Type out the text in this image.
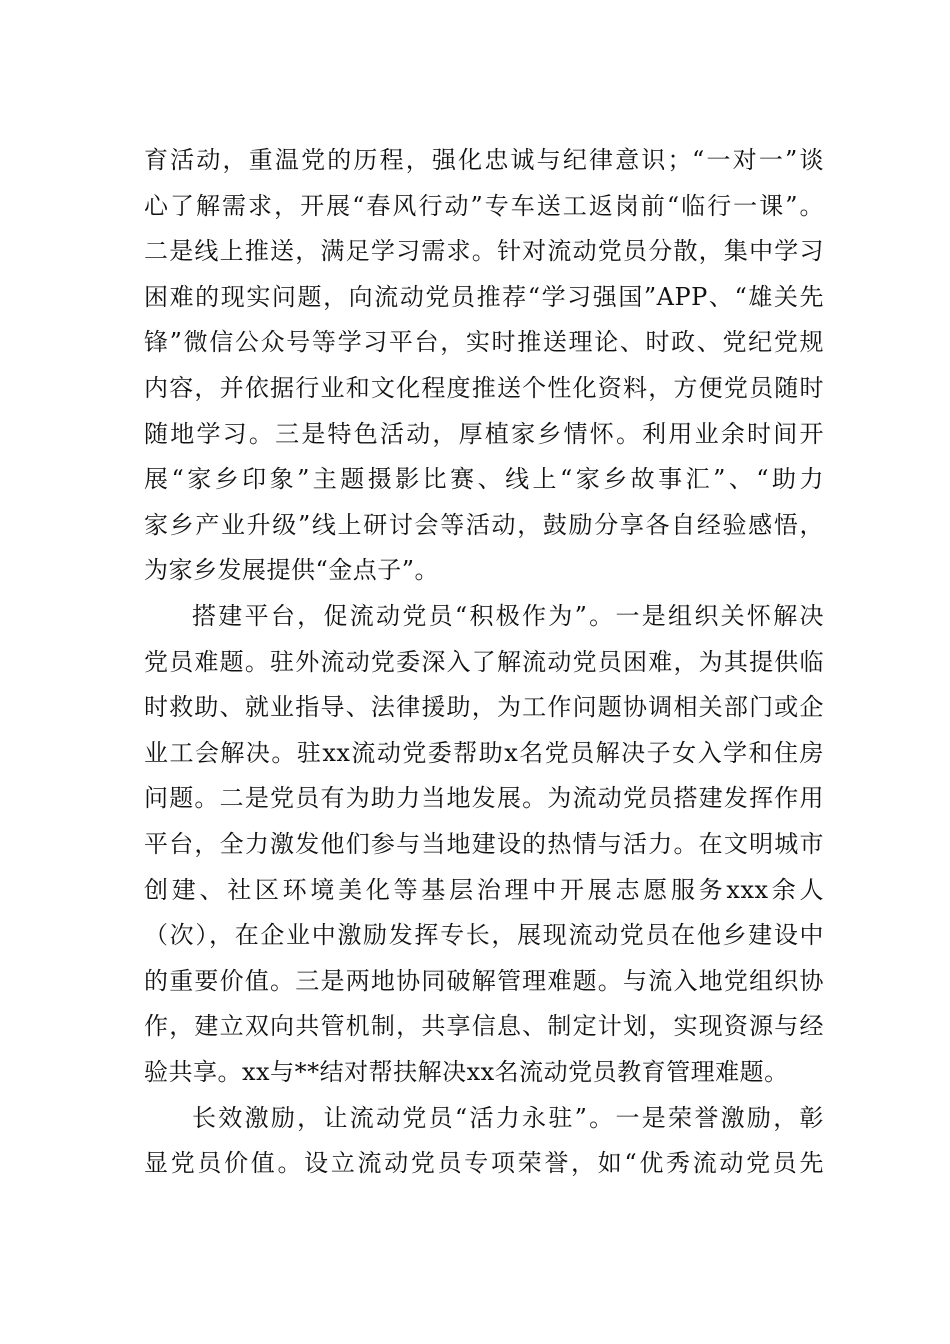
育活动，重温党的历程，强化忠诚与纪律意识；“一对一”谈
心了解需求，开展“春风行动”专车送工返岗前“临行一课”。
二是线上推送，满足学习需求。针对流动党员分散，集中学习
困难的现实问题，向流动党员推荐“学习强国”APP、“雄关先
锋”微信公众号等学习平台，实时推送理论、时政、党纪党规
内容，并依据行业和文化程度推送个性化资料，方便党员随时
随地学习。三是特色活动，厚植家乡情怀。利用业余时间开
展“家乡印象”主题摄影比赛、线上“家乡故事汇”、“助力
家乡产业升级”线上研讨会等活动，鼓励分享各自经验感悟，
为家乡发展提供“金点子”。
搭建平台，促流动党员“积极作为”。一是组织关怀解决
党员难题。驻外流动党委深入了解流动党员困难，为其提供临
时救助、就业指导、法律援助，为工作问题协调相关部门或企
业工会解决。驻xx流动党委帮助x名党员解决子女入学和住房
问题。二是党员有为助力当地发展。为流动党员搭建发挥作用
平台，全力激发他们参与当地建设的热情与活力。在文明城市
创建、社区环境美化等基层治理中开展志愿服务xxx余人
（次），在企业中激励发挥专长，展现流动党员在他乡建设中
的重要价值。三是两地协同破解管理难题。与流入地党组织协
作，建立双向共管机制，共享信息、制定计划，实现资源与经
验共享。xx与**结对帮扶解决xx名流动党员教育管理难题。
长效激励，让流动党员“活力永驻”。一是荣誉激励，彰
显党员价值。设立流动党员专项荣誉，如“优秀流动党员先
